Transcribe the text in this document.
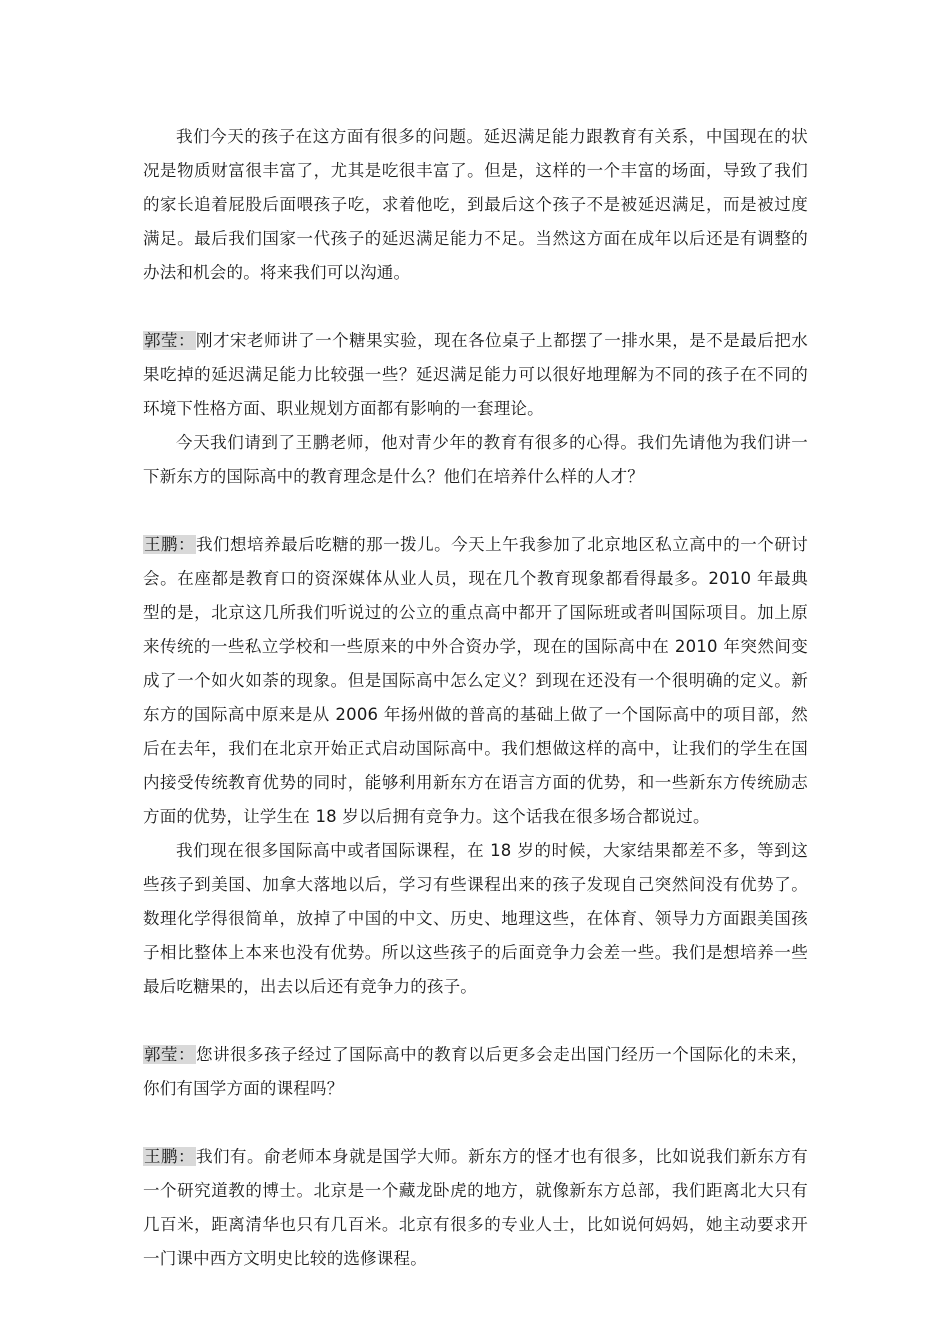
我们今天的孩子在这方面有很多的问题。延迟满足能力跟教育有关系，中国现在的状况是物质财富很丰富了，尤其是吃很丰富了。但是，这样的一个丰富的场面，导致了我们的家长追着屁股后面喂孩子吃，求着他吃，到最后这个孩子不是被延迟满足，而是被过度满足。最后我们国家一代孩子的延迟满足能力不足。当然这方面在成年以后还是有调整的办法和机会的。将来我们可以沟通。

郭莹：刚才宋老师讲了一个糖果实验，现在各位桌子上都摆了一排水果，是不是最后把水果吃掉的延迟满足能力比较强一些？延迟满足能力可以很好地理解为不同的孩子在不同的环境下性格方面、职业规划方面都有影响的一套理论。

今天我们请到了王鹏老师，他对青少年的教育有很多的心得。我们先请他为我们讲一下新东方的国际高中的教育理念是什么？他们在培养什么样的人才？

王鹏：我们想培养最后吃糖的那一拨儿。今天上午我参加了北京地区私立高中的一个研讨会。在座都是教育口的资深媒体从业人员，现在几个教育现象都看得最多。2010 年最典型的是，北京这几所我们听说过的公立的重点高中都开了国际班或者叫国际项目。加上原来传统的一些私立学校和一些原来的中外合资办学，现在的国际高中在 2010 年突然间变成了一个如火如荼的现象。但是国际高中怎么定义？到现在还没有一个很明确的定义。新东方的国际高中原来是从 2006 年扬州做的普高的基础上做了一个国际高中的项目部，然后在去年，我们在北京开始正式启动国际高中。我们想做这样的高中，让我们的学生在国内接受传统教育优势的同时，能够利用新东方在语言方面的优势，和一些新东方传统励志方面的优势，让学生在 18 岁以后拥有竞争力。这个话我在很多场合都说过。

我们现在很多国际高中或者国际课程，在 18 岁的时候，大家结果都差不多，等到这些孩子到美国、加拿大落地以后，学习有些课程出来的孩子发现自己突然间没有优势了。数理化学得很简单，放掉了中国的中文、历史、地理这些，在体育、领导力方面跟美国孩子相比整体上本来也没有优势。所以这些孩子的后面竞争力会差一些。我们是想培养一些最后吃糖果的，出去以后还有竞争力的孩子。

郭莹：您讲很多孩子经过了国际高中的教育以后更多会走出国门经历一个国际化的未来，你们有国学方面的课程吗？

王鹏：我们有。俞老师本身就是国学大师。新东方的怪才也有很多，比如说我们新东方有一个研究道教的博士。北京是一个藏龙卧虎的地方，就像新东方总部，我们距离北大只有几百米，距离清华也只有几百米。北京有很多的专业人士，比如说何妈妈，她主动要求开一门课中西方文明史比较的选修课程。
